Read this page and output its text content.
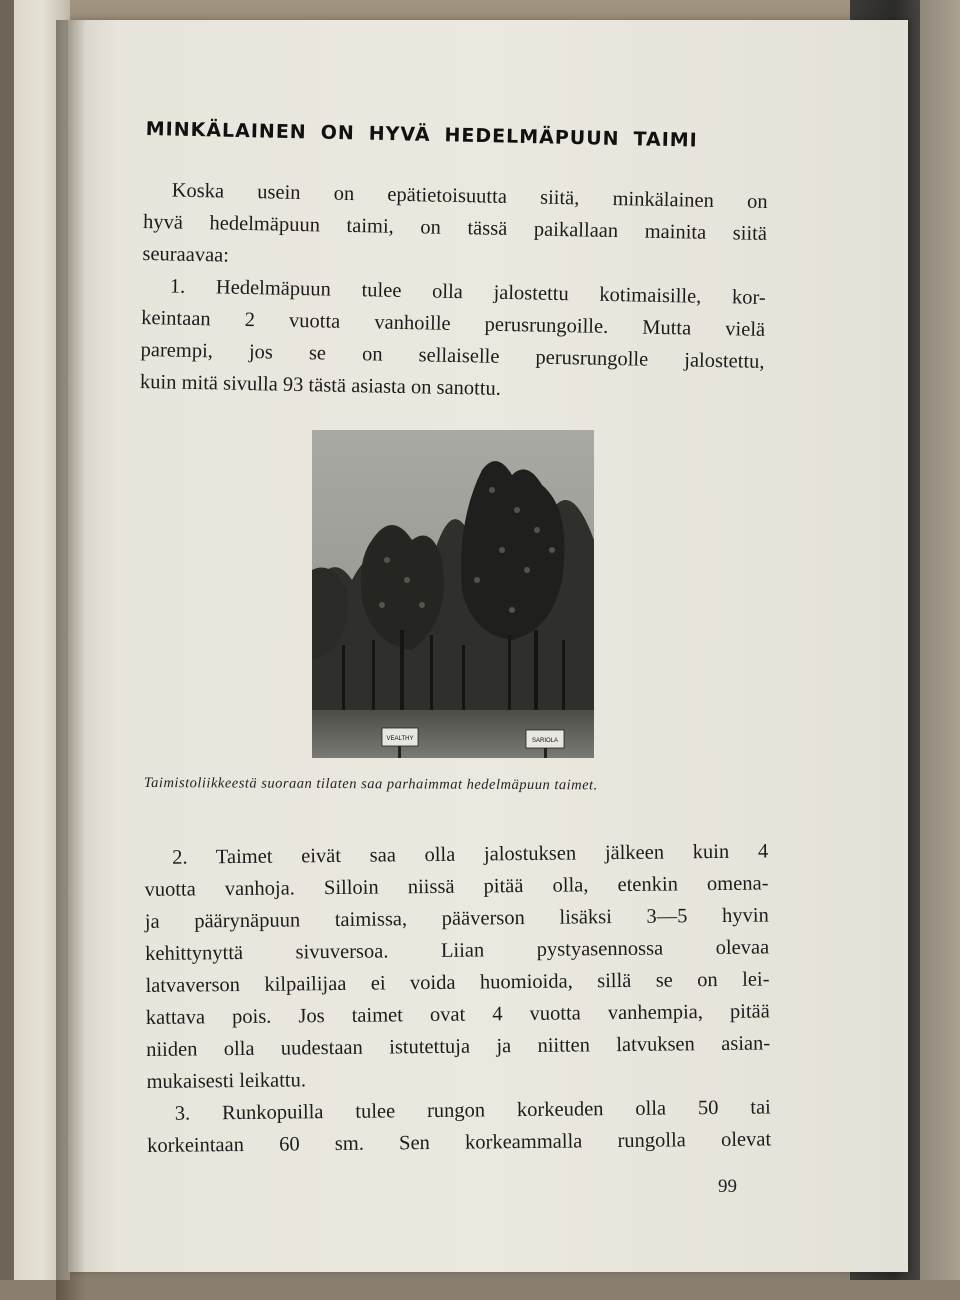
MINKÄLAINEN ON HYVÄ HEDELMÄPUUN TAIMI
Koska usein on epätietoisuutta siitä, minkälainen on
hyvä hedelmäpuun taimi, on tässä paikallaan mainita siitä
seuraavaa:
1. Hedelmäpuun tulee olla jalostettu kotimaisille, kor-
keintaan 2 vuotta vanhoille perusrungoille. Mutta vielä
parempi, jos se on sellaiselle perusrungolle jalostettu,
kuin mitä sivulla 93 tästä asiasta on sanottu.
VEALTHY	SARIOLA
Taimistoliikkeestä suoraan tilaten saa parhaimmat hedelmäpuun taimet.
2. Taimet eivät saa olla jalostuksen jälkeen kuin 4
vuotta vanhoja. Silloin niissä pitää olla, etenkin omena-
ja päärynäpuun taimissa, pääverson lisäksi 3—5 hyvin
kehittynyttä sivuversoa. Liian pystyasennossa olevaa
latvaverson kilpailijaa ei voida huomioida, sillä se on lei-
kattava pois. Jos taimet ovat 4 vuotta vanhempia, pitää
niiden olla uudestaan istutettuja ja niitten latvuksen asian-
mukaisesti leikattu.
3. Runkopuilla tulee rungon korkeuden olla 50 tai
korkeintaan 60 sm. Sen korkeammalla rungolla olevat
99
